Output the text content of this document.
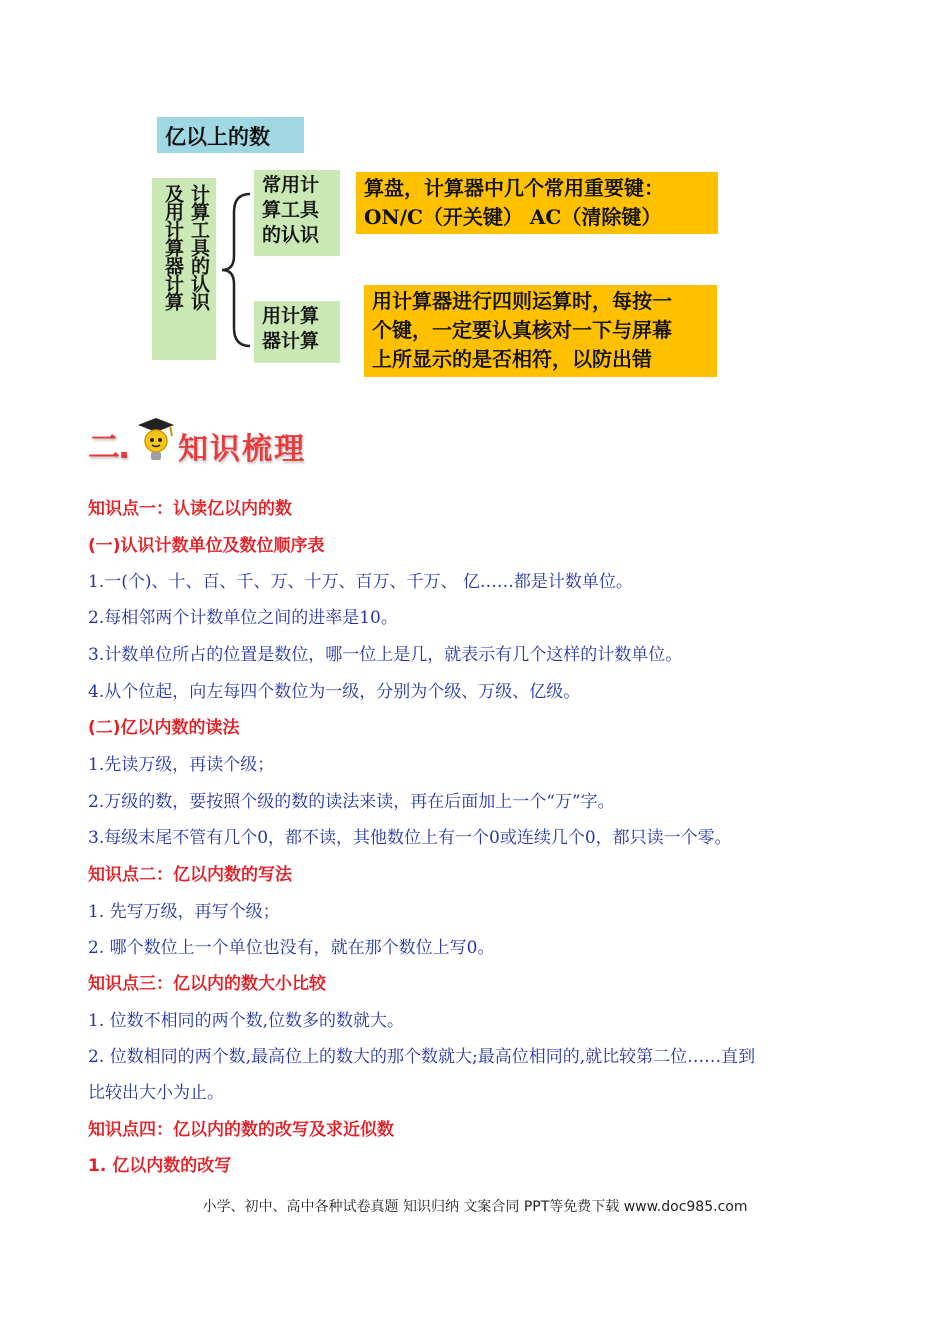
亿以上的数
计算工具的认识
及用计算器计算	常用计
算工具
的认识
用计算
器计算
算盘，计算器中几个常用重要键：
ON/C（开关键） AC（清除键）
用计算器进行四则运算时，每按一
个键，一定要认真核对一下与屏幕
上所显示的是否相符，以防出错
二. 知识梳理
知识点一：认读亿以内的数
(一)认识计数单位及数位顺序表
1.一(个)、十、百、千、万、十万、百万、千万、 亿……都是计数单位。
2.每相邻两个计数单位之间的进率是10。
3.计数单位所占的位置是数位，哪一位上是几，就表示有几个这样的计数单位。
4.从个位起，向左每四个数位为一级，分别为个级、万级、亿级。
(二)亿以内数的读法
1.先读万级，再读个级；
2.万级的数，要按照个级的数的读法来读，再在后面加上一个“万”字。
3.每级末尾不管有几个0，都不读，其他数位上有一个0或连续几个0，都只读一个零。
知识点二：亿以内数的写法
1. 先写万级，再写个级；
2. 哪个数位上一个单位也没有，就在那个数位上写0。
知识点三：亿以内的数大小比较
1. 位数不相同的两个数,位数多的数就大。
2. 位数相同的两个数,最高位上的数大的那个数就大;最高位相同的,就比较第二位……直到
比较出大小为止。
知识点四：亿以内的数的改写及求近似数
1. 亿以内数的改写
小学、初中、高中各种试卷真题 知识归纳 文案合同 PPT等免费下载 www.doc985.com
